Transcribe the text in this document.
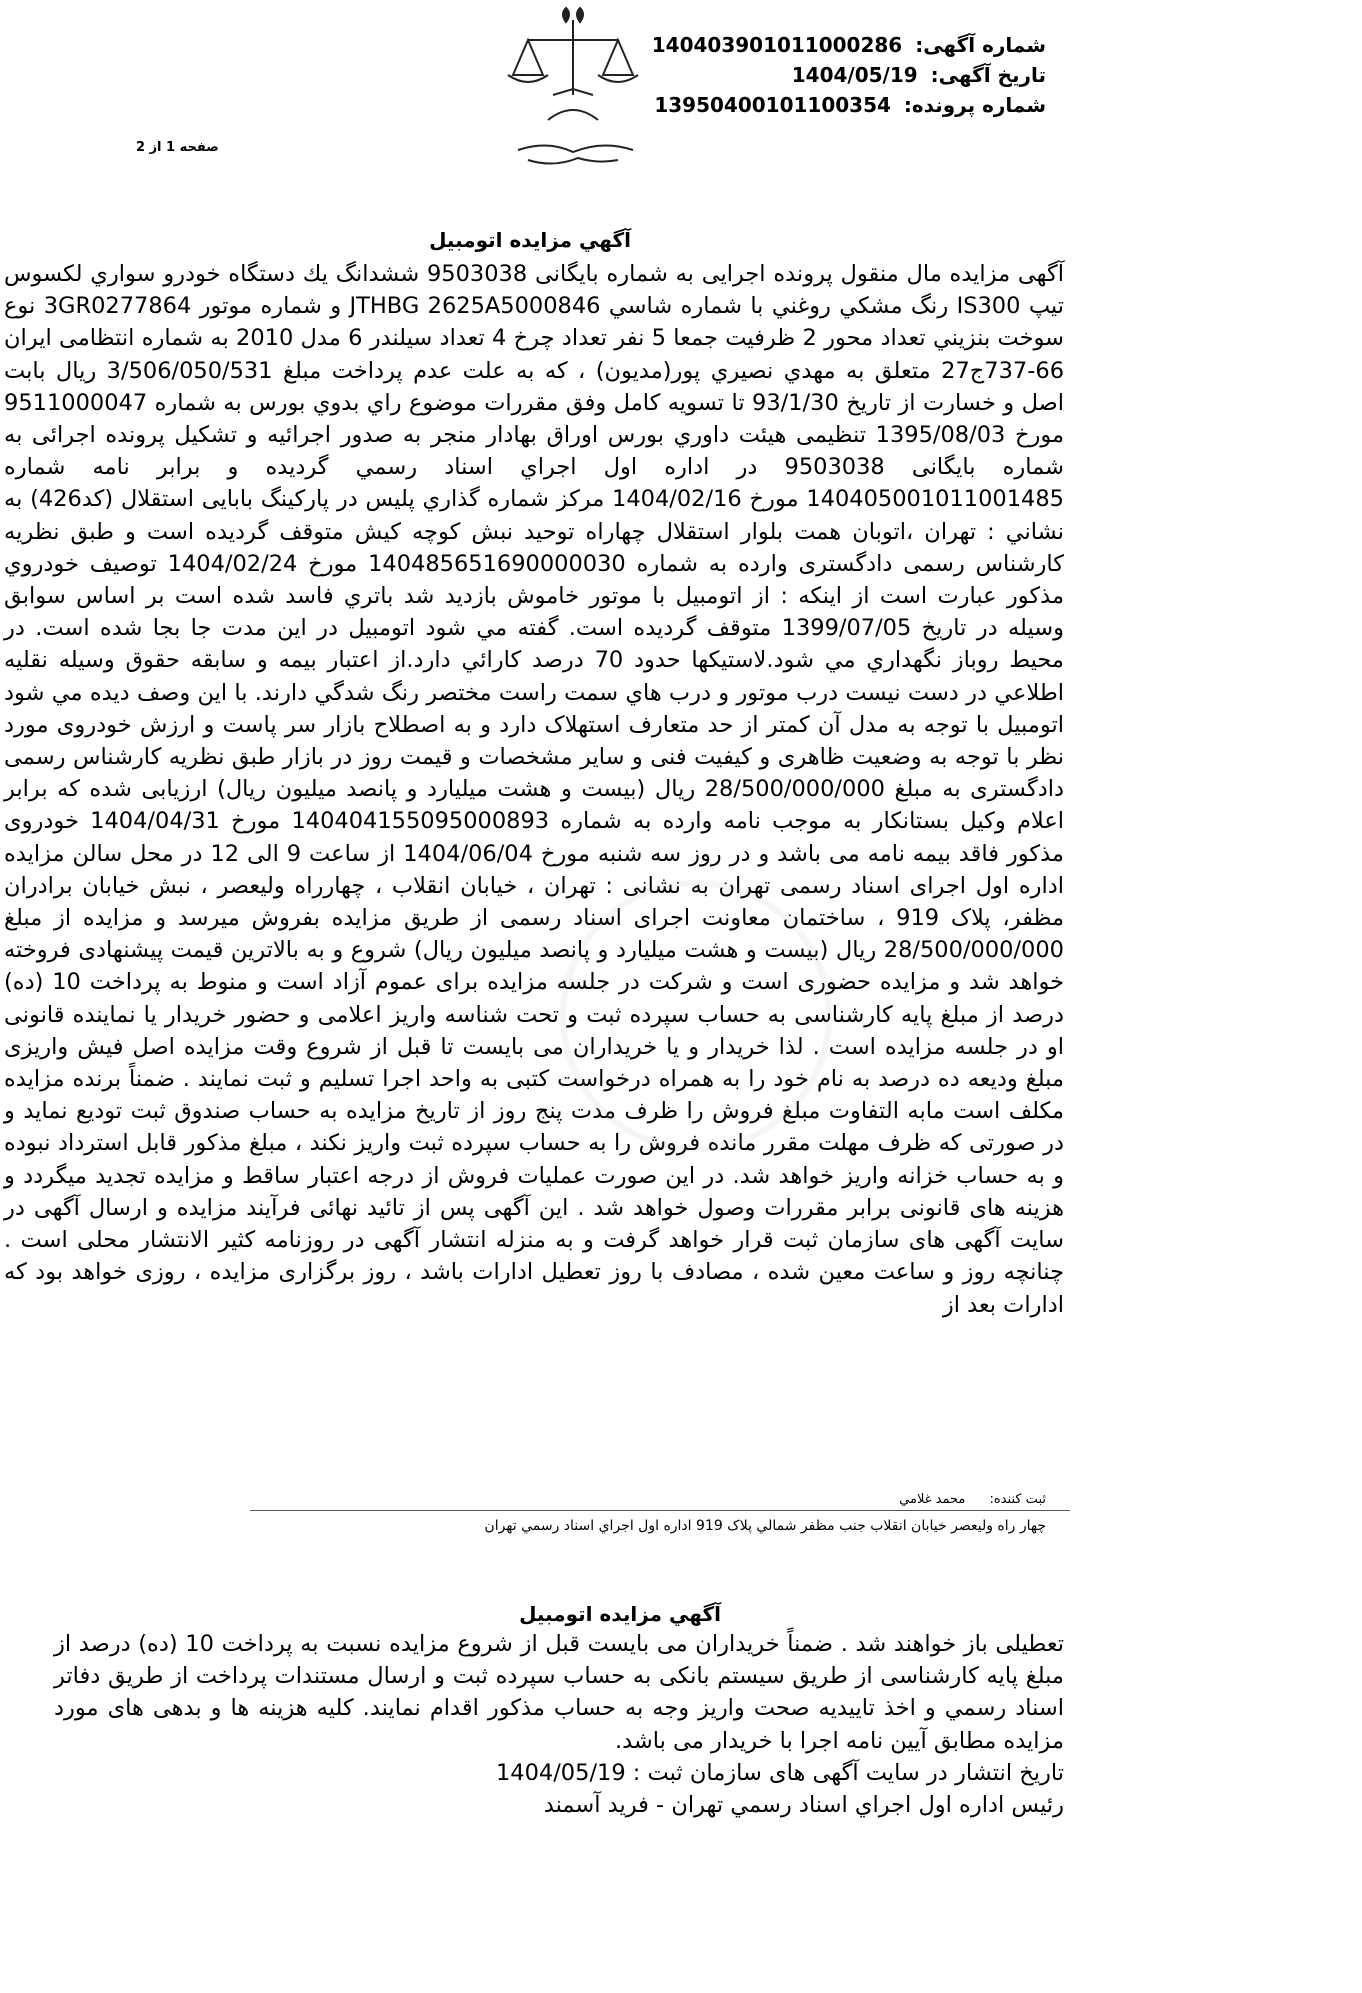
شماره آگهی: 140403901011000286
تاریخ آگهی: 1404/05/19
شماره پرونده: 13950400101100354
صفحه 1 از 2
آگهي مزايده اتومبيل

آگهی مزایده مال منقول پرونده اجرایی به شماره بایگانی 9503038 ششدانگ يك دستگاه خودرو سواري لكسوس تيپ IS300 رنگ مشكي روغني با شماره شاسي JTHBG 2625A5000846 و شماره موتور 3GR0277864 نوع سوخت بنزيني تعداد محور 2 ظرفيت جمعا 5 نفر تعداد چرخ 4 تعداد سيلندر 6 مدل 2010 به شماره انتظامی ايران 66-737ج27 متعلق به مهدي نصيري پور(مدیون) ، که به علت عدم پرداخت مبلغ 3/506/050/531 ریال بابت اصل و خسارت از تاریخ 93/1/30 تا تسویه کامل وفق مقررات موضوع راي بدوي بورس به شماره 9511000047 مورخ 1395/08/03 تنظیمی هیئت داوري بورس اوراق بهادار منجر به صدور اجرائیه و تشکیل پرونده اجرائی به شماره بایگانی 9503038 در اداره اول اجراي اسناد رسمي گرديده و برابر نامه شماره 140405001011001485 مورخ 1404/02/16 مرکز شماره گذاري پلیس در پارکینگ بابایی استقلال (کد426) به نشاني : تهران ،اتوبان همت بلوار استقلال چهاراه توحید نبش کوچه کیش متوقف گردیده است و طبق نظریه کارشناس رسمی دادگستری وارده به شماره 140485651690000030 مورخ 1404/02/24 توصیف خودروي مذکور عبارت است از اینکه : از اتومبیل با موتور خاموش بازدید شد باتري فاسد شده است بر اساس سوابق وسیله در تاریخ 1399/07/05 متوقف گردیده است. گفته مي شود اتومبیل در این مدت جا بجا شده است. در محیط روباز نگهداري مي شود.لاستیکها حدود 70 درصد کارائي دارد.از اعتبار بیمه و سابقه حقوق وسیله نقلیه اطلاعي در دست نیست درب موتور و درب هاي سمت راست مختصر رنگ شدگي دارند. با این وصف دیده مي شود اتومبیل با توجه به مدل آن کمتر از حد متعارف استهلاک دارد و به اصطلاح بازار سر پاست و ارزش خودروی مورد نظر با توجه به وضعیت ظاهری و کیفیت فنی و سایر مشخصات و قیمت روز در بازار طبق نظریه کارشناس رسمی دادگستری به مبلغ 28/500/000/000 ریال (بیست و هشت میلیارد و پانصد میلیون ریال) ارزیابی شده که برابر اعلام وکیل بستانکار به موجب نامه وارده به شماره 140404155095000893 مورخ 1404/04/31 خودروی مذکور فاقد بیمه نامه می باشد و در روز سه شنبه مورخ 1404/06/04 از ساعت 9 الی 12 در محل سالن مزایده اداره اول اجرای اسناد رسمی تهران به نشانی : تهران ، خیابان انقلاب ، چهارراه ولیعصر ، نبش خیابان برادران مظفر، پلاک 919 ، ساختمان معاونت اجرای اسناد رسمی از طریق مزایده بفروش میرسد و مزایده از مبلغ 28/500/000/000 ریال (بیست و هشت میلیارد و پانصد میلیون ریال) شروع و به بالاترین قیمت پیشنهادی فروخته خواهد شد و مزایده حضوری است و شرکت در جلسه مزایده برای عموم آزاد است و منوط به پرداخت 10 (ده) درصد از مبلغ پایه کارشناسی به حساب سپرده ثبت و تحت شناسه واریز اعلامی و حضور خریدار یا نماینده قانونی او در جلسه مزایده است . لذا خریدار و یا خریداران می بایست تا قبل از شروع وقت مزایده اصل فیش واریزی مبلغ ودیعه ده درصد به نام خود را به همراه درخواست کتبی به واحد اجرا تسلیم و ثبت نمایند . ضمناً برنده مزایده مکلف است مابه التفاوت مبلغ فروش را ظرف مدت پنج روز از تاریخ مزایده به حساب صندوق ثبت تودیع نماید و در صورتی که ظرف مهلت مقرر مانده فروش را به حساب سپرده ثبت واریز نکند ، مبلغ مذکور قابل استرداد نبوده و به حساب خزانه واریز خواهد شد. در این صورت عملیات فروش از درجه اعتبار ساقط و مزایده تجدید میگردد و هزینه های قانونی برابر مقررات وصول خواهد شد . این آگهی پس از تائید نهائی فرآیند مزایده و ارسال آگهی در سایت آگهی های سازمان ثبت قرار خواهد گرفت و به منزله انتشار آگهی در روزنامه کثیر الانتشار محلی است . چنانچه روز و ساعت معین شده ، مصادف با روز تعطیل ادارات باشد ، روز برگزاری مزایده ، روزی خواهد بود که ادارات بعد از

ثبت کننده: محمد غلامي
چهار راه وليعصر خيابان انقلاب جنب مظفر شمالي پلاک 919 اداره اول اجراي اسناد رسمي تهران
آگهي مزايده اتومبيل

تعطیلی باز خواهند شد . ضمناً خریداران می بایست قبل از شروع مزایده نسبت به پرداخت 10 (ده) درصد از مبلغ پایه کارشناسی از طریق سیستم بانکی به حساب سپرده ثبت و ارسال مستندات پرداخت از طریق دفاتر اسناد رسمي و اخذ تاییدیه صحت واریز وجه به حساب مذکور اقدام نمایند. کلیه هزینه ها و بدهی های مورد مزایده مطابق آیین نامه اجرا با خریدار می باشد.

تاریخ انتشار در سایت آگهی های سازمان ثبت : 1404/05/19

رئیس اداره اول اجراي اسناد رسمي تهران - فريد آسمند
